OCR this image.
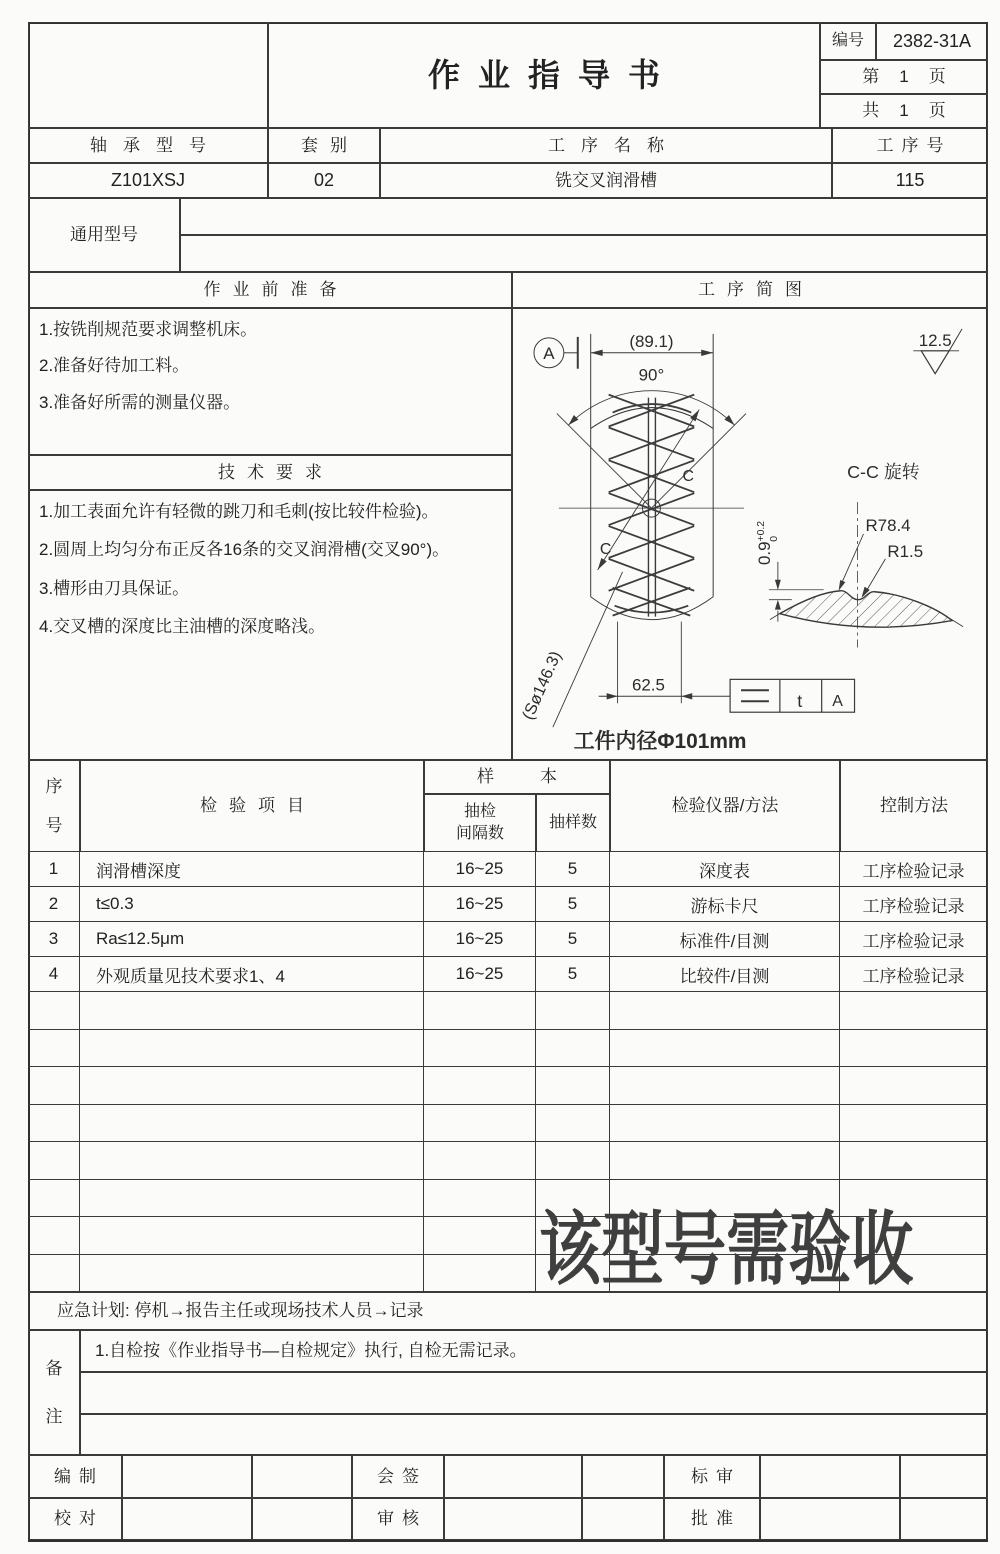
作业指导书
编号	2382-31A
第 1 页
共 1 页
轴承型号	套别	工序名称	工序号
Z101XSJ	02	铣交叉润滑槽	115
通用型号
作业前准备	工序简图

1.按铣削规范要求调整机床。

2.准备好待加工料。

3.准备好所需的测量仪器。

技术要求

1.加工表面允许有轻微的跳刀和毛刺(按比较件检验)。

2.圆周上均匀分布正反各16条的交叉润滑槽(交叉90°)。

3.槽形由刀具保证。

4.交叉槽的深度比主油槽的深度略浅。

A
(89.1)
90°
C
C
(Sø146.3)	62.5
t A
工件内径Φ101mm
12.5
C-C 旋转
R78.4
R1.5
$0.9^{+0.2}$ 0
序
号
检验项目
样本
抽检
间隔数
抽样数
检验仪器/方法	控制方法
1	润滑槽深度	16~25	5	深度表	工序检验记录
2	t≤0.3	16~25	5	游标卡尺	工序检验记录
3	Ra≤12.5μm	16~25	5	标准件/目测	工序检验记录
4	外观质量见技术要求1、4	16~25	5	比较件/目测	工序检验记录
该型号需验收
应急计划: 停机→报告主任或现场技术人员→记录
备
注
1.自检按《作业指导书—自检规定》执行, 自检无需记录。
编制	会签	标审
校对	审核	批准
